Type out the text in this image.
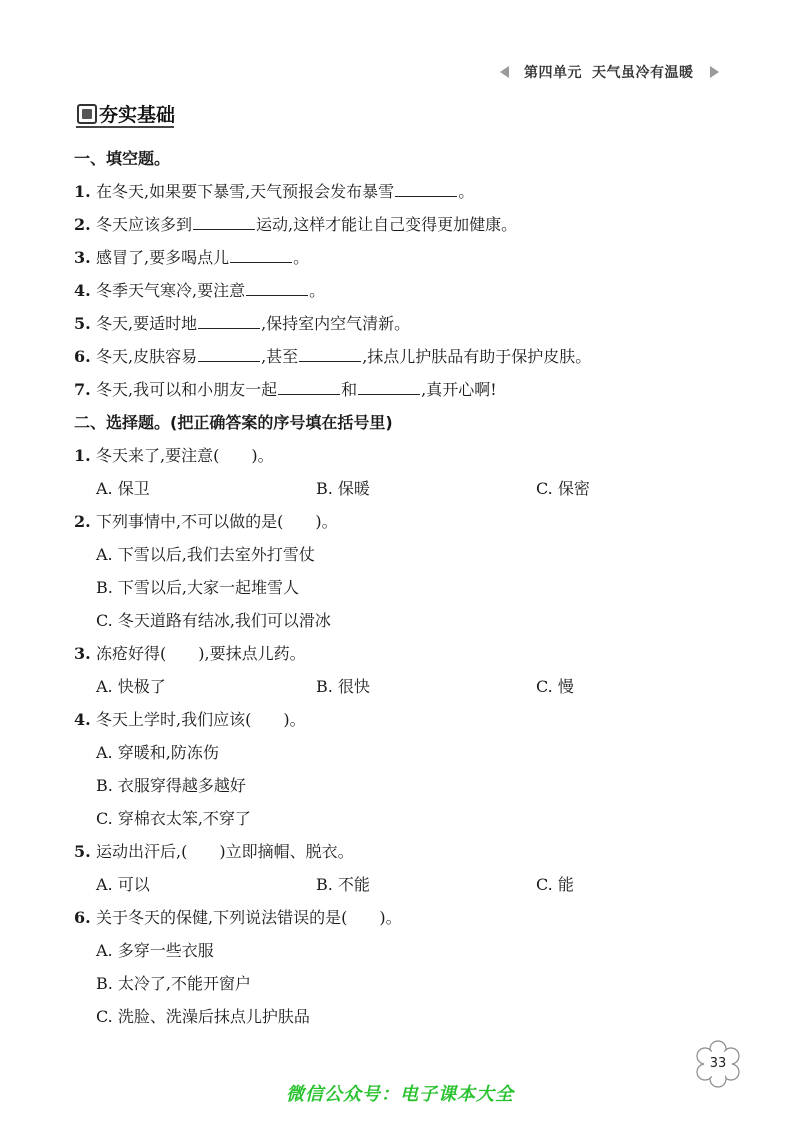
第四单元 天气虽冷有温暖
夯实基础
一、填空题。
1. 在冬天,如果要下暴雪,天气预报会发布暴雪	。
2. 冬天应该多到	运动,这样才能让自己变得更加健康。
3. 感冒了,要多喝点儿	。
4. 冬季天气寒冷,要注意	。
5. 冬天,要适时地	,保持室内空气清新。
6. 冬天,皮肤容易	,甚至	,抹点儿护肤品有助于保护皮肤。
7. 冬天,我可以和小朋友一起	和	,真开心啊!
二、选择题。(把正确答案的序号填在括号里)
1. 冬天来了,要注意(　　)。
A. 保卫	B. 保暖	C. 保密
2. 下列事情中,不可以做的是(　　)。
A. 下雪以后,我们去室外打雪仗
B. 下雪以后,大家一起堆雪人
C. 冬天道路有结冰,我们可以滑冰
3. 冻疮好得(　　),要抹点儿药。
A. 快极了	B. 很快	C. 慢
4. 冬天上学时,我们应该(　　)。
A. 穿暖和,防冻伤
B. 衣服穿得越多越好
C. 穿棉衣太笨,不穿了
5. 运动出汗后,(　　)立即摘帽、脱衣。
A. 可以	B. 不能	C. 能
6. 关于冬天的保健,下列说法错误的是(　　)。
A. 多穿一些衣服
B. 太冷了,不能开窗户
C. 洗脸、洗澡后抹点儿护肤品
33
微信公众号：电子课本大全
